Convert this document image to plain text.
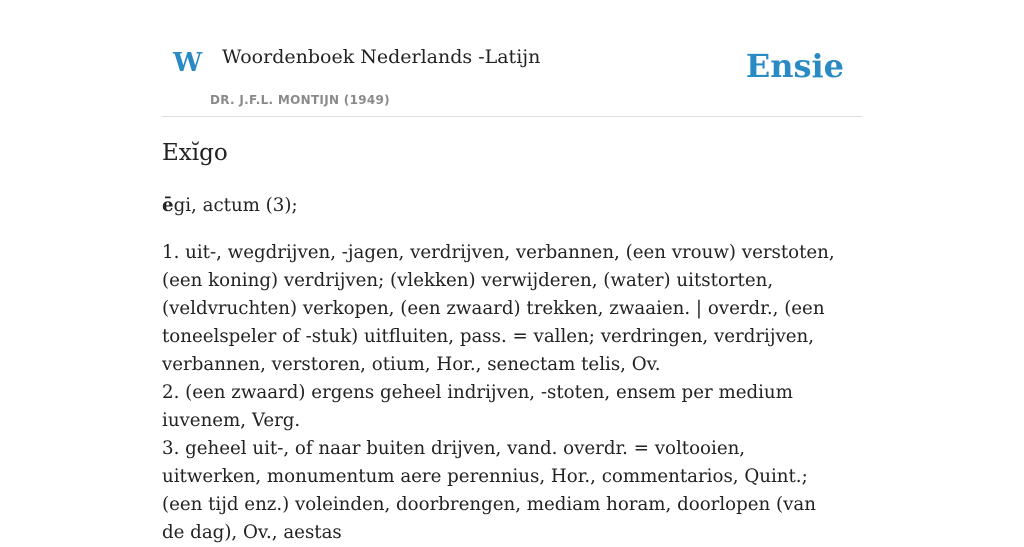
W Woordenboek Nederlands -Latijn
DR. J.F.L. MONTIJN (1949)
Ensie
Exĭgo

ēgi, actum (3);

1. uit-, wegdrijven, -jagen, verdrijven, verbannen, (een vrouw) verstoten, (een koning) verdrijven; (vlekken) verwijderen, (water) uitstorten, (veldvruchten) verkopen, (een zwaard) trekken, zwaaien. | overdr., (een toneelspeler of -stuk) uitfluiten, pass. = vallen; verdringen, verdrijven, verbannen, verstoren, otium, Hor., senectam telis, Ov.

2. (een zwaard) ergens geheel indrijven, -stoten, ensem per medium iuvenem, Verg.

3. geheel uit-, of naar buiten drijven, vand. overdr. = voltooien, uitwerken, monumentum aere perennius, Hor., commentarios, Quint.; (een tijd enz.) voleinden, doorbrengen, mediam horam, doorlopen (van de dag), Ov., aestas
